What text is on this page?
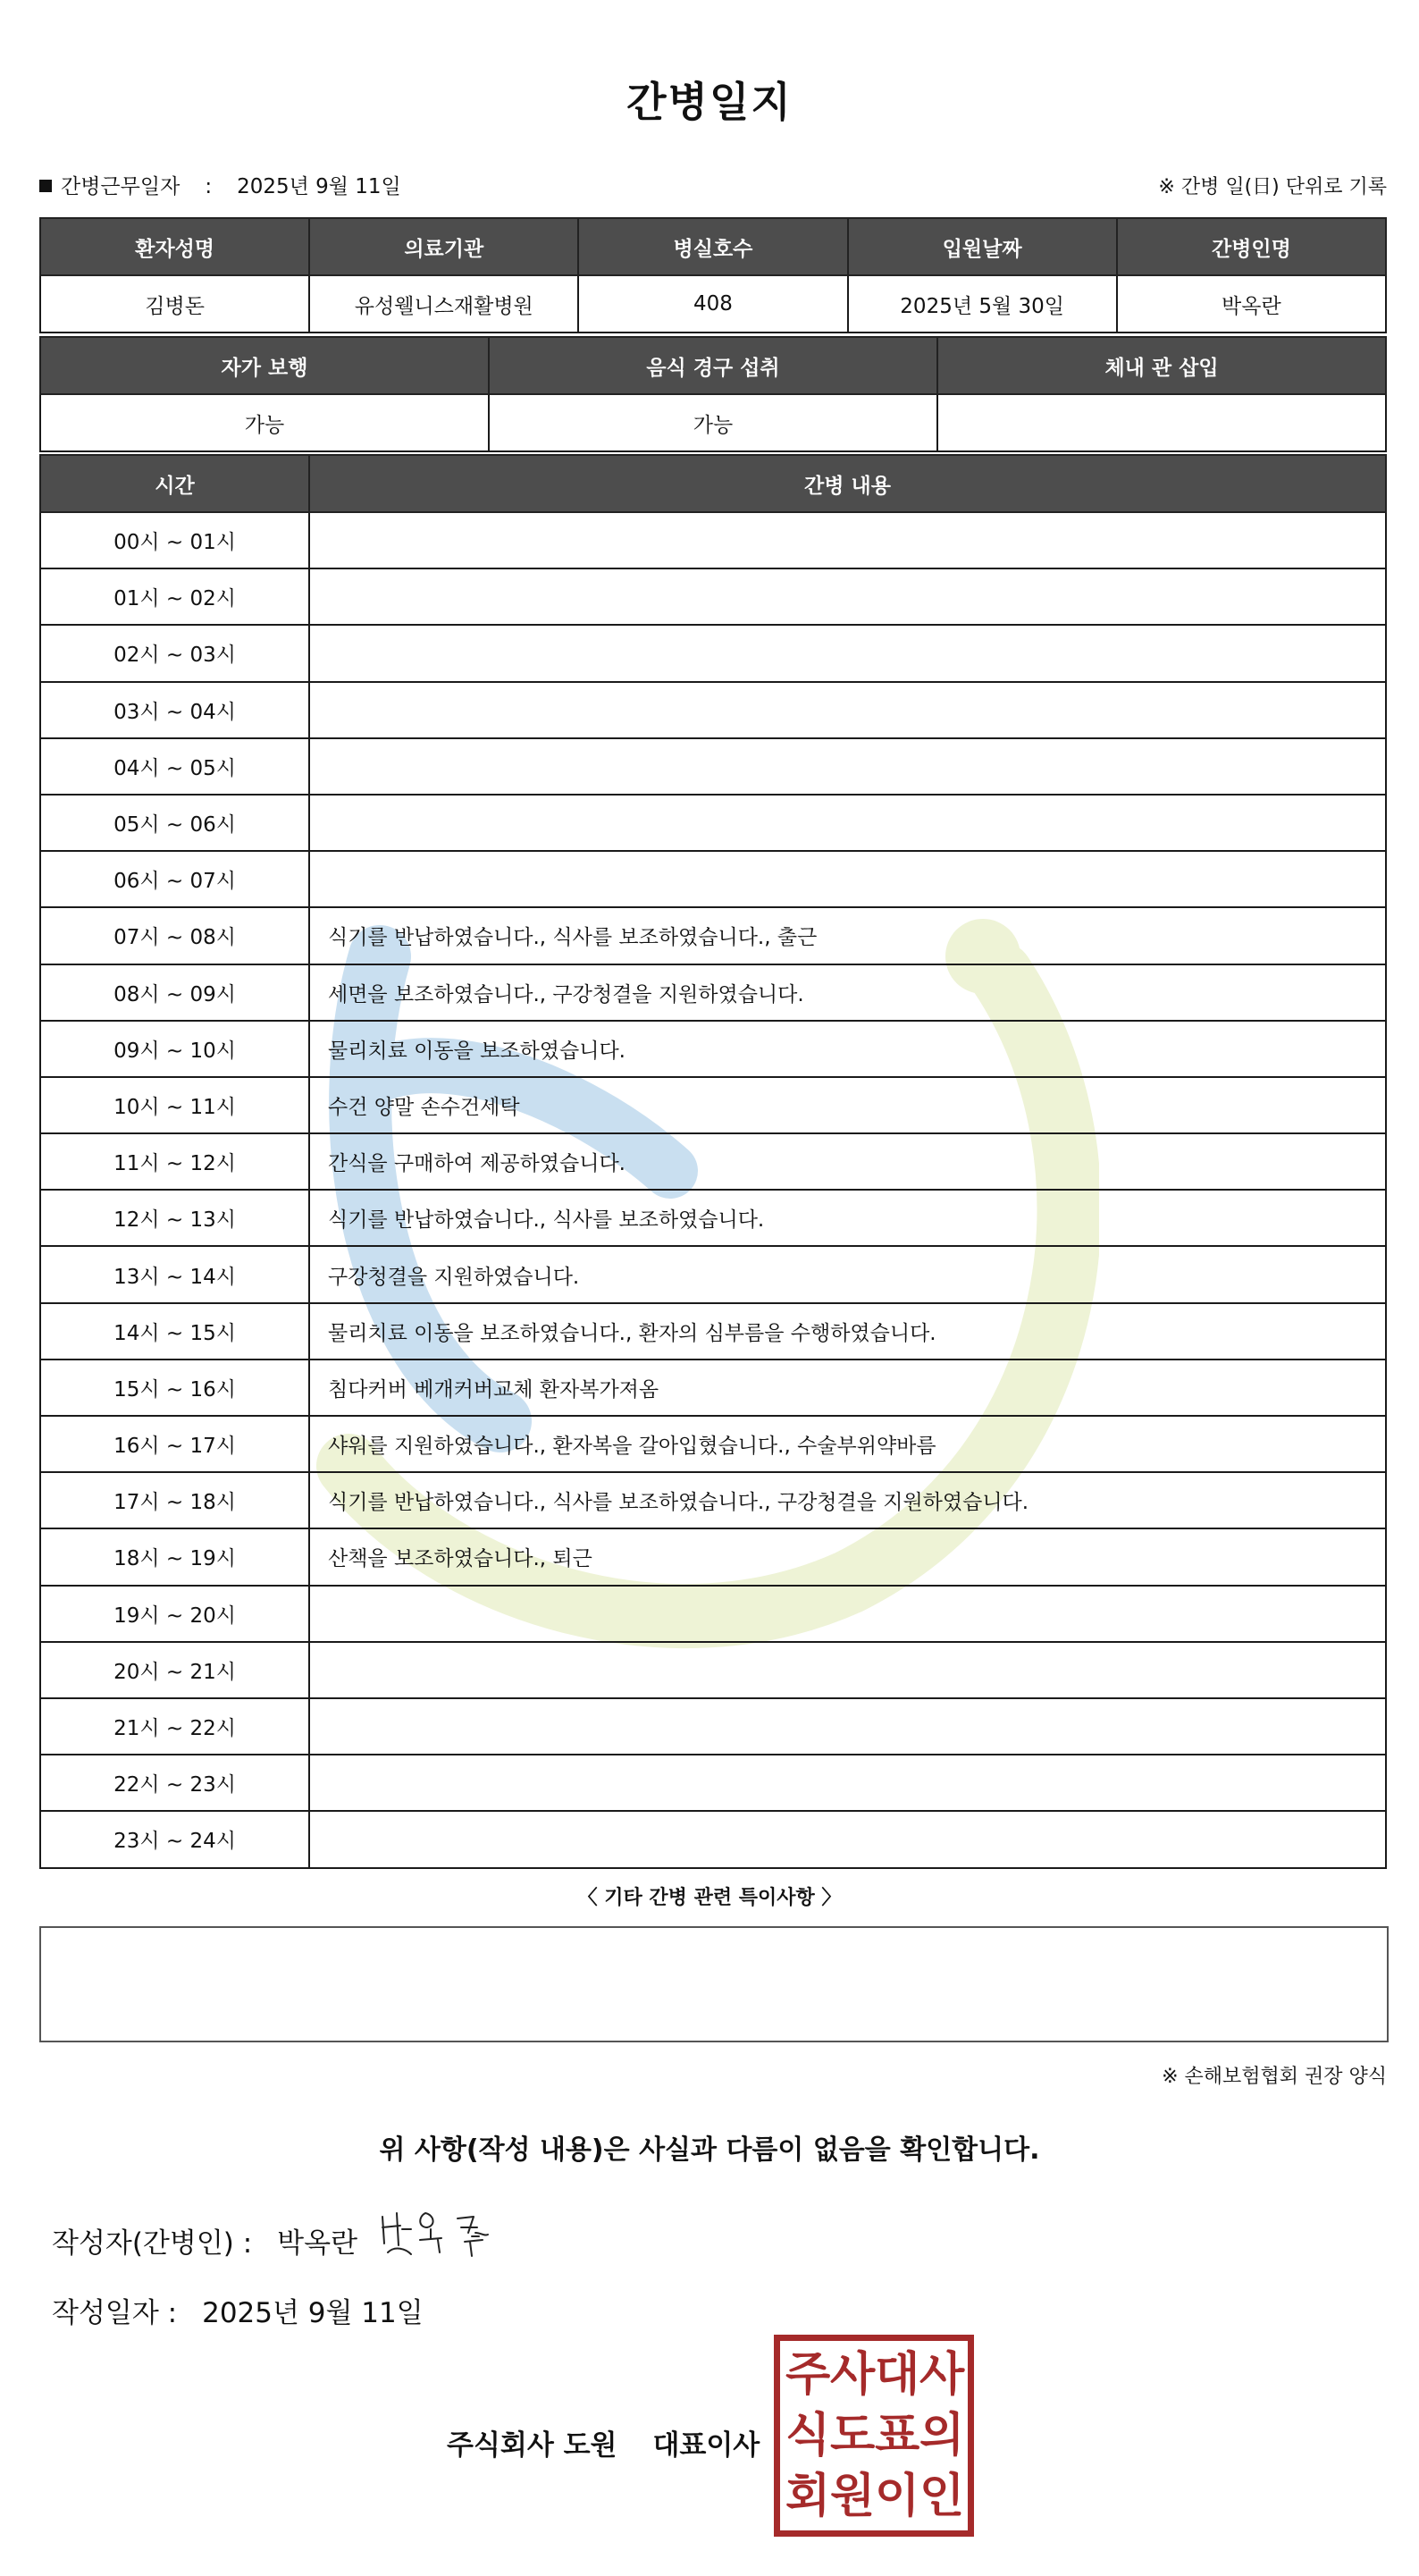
간병일지
간병근무일자 : 2025년 9월 11일	※ 간병 일(日) 단위로 기록
환자성명	의료기관	병실호수	입원날짜	간병인명
김병돈	유성웰니스재활병원	408	2025년 5월 30일	박옥란
자가 보행	음식 경구 섭취	체내 관 삽입
가능	가능	
시간	간병 내용
00시 ~ 01시	
01시 ~ 02시	
02시 ~ 03시	
03시 ~ 04시	
04시 ~ 05시	
05시 ~ 06시	
06시 ~ 07시	
07시 ~ 08시	식기를 반납하였습니다., 식사를 보조하였습니다., 출근
08시 ~ 09시	세면을 보조하였습니다., 구강청결을 지원하였습니다.
09시 ~ 10시	물리치료 이동을 보조하였습니다.
10시 ~ 11시	수건 양말 손수건세탁
11시 ~ 12시	간식을 구매하여 제공하였습니다.
12시 ~ 13시	식기를 반납하였습니다., 식사를 보조하였습니다.
13시 ~ 14시	구강청결을 지원하였습니다.
14시 ~ 15시	물리치료 이동을 보조하였습니다., 환자의 심부름을 수행하였습니다.
15시 ~ 16시	침다커버 베개커버교체 환자복가져옴
16시 ~ 17시	샤워를 지원하였습니다., 환자복을 갈아입혔습니다., 수술부위약바름
17시 ~ 18시	식기를 반납하였습니다., 식사를 보조하였습니다., 구강청결을 지원하였습니다.
18시 ~ 19시	산책을 보조하였습니다., 퇴근
19시 ~ 20시	
20시 ~ 21시	
21시 ~ 22시	
22시 ~ 23시	
23시 ~ 24시	
〈 기타 간병 관련 특이사항 〉
※ 손해보험협회 권장 양식
위 사항(작성 내용)은 사실과 다름이 없음을 확인합니다.
작성자(간병인) : 박옥란
작성일자 : 2025년 9월 11일
주식회사 도원 대표이사
주 사 대 사
식 도 표 의
회 원 이 인
